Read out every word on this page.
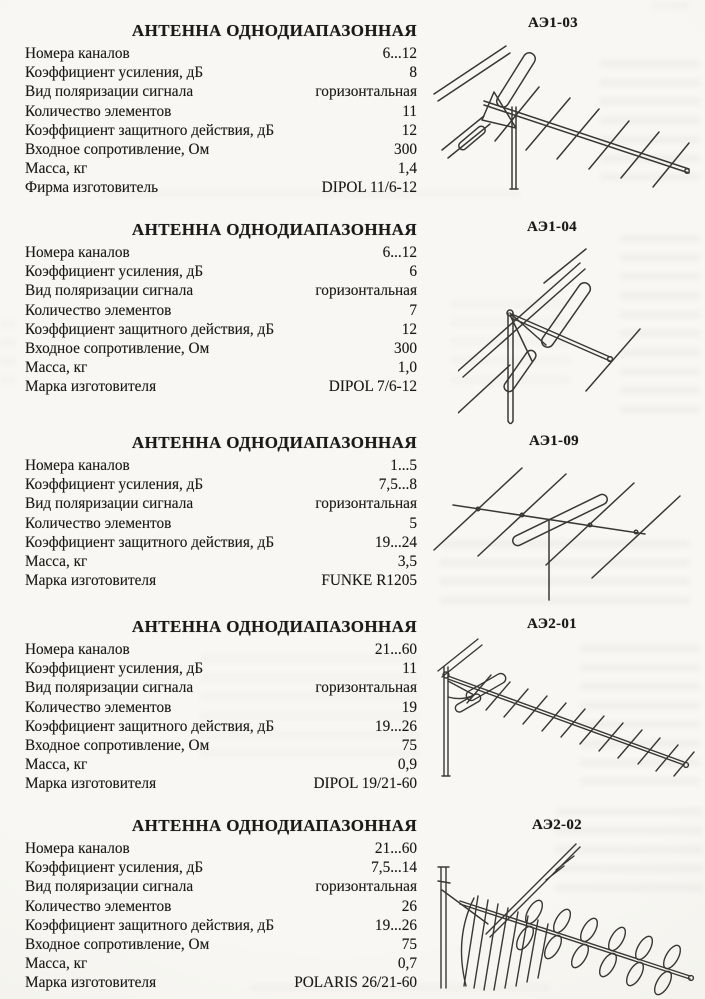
АНТЕННА ОДНОДИАПАЗОННАЯ
Номера каналов	6...12
Коэффициент усиления, дБ	8
Вид поляризации сигнала	горизонтальная
Количество элементов	11
Коэффициент защитного действия, дБ	12
Входное сопротивление, Ом	300
Масса, кг	1,4
Фирма изготовитель	DIPOL 11/6-12
АЭ1-03
АНТЕННА ОДНОДИАПАЗОННАЯ
Номера каналов	6...12
Коэффициент усиления, дБ	6
Вид поляризации сигнала	горизонтальная
Количество элементов	7
Коэффициент защитного действия, дБ	12
Входное сопротивление, Ом	300
Масса, кг	1,0
Марка изготовителя	DIPOL 7/6-12
АЭ1-04
АНТЕННА ОДНОДИАПАЗОННАЯ
Номера каналов	1...5
Коэффициент усиления, дБ	7,5...8
Вид поляризации сигнала	горизонтальная
Количество элементов	5
Коэффициент защитного действия, дБ	19...24
Масса, кг	3,5
Марка изготовителя	FUNKE R1205
АЭ1-09
АНТЕННА ОДНОДИАПАЗОННАЯ
Номера каналов	21...60
Коэффициент усиления, дБ	11
Вид поляризации сигнала	горизонтальная
Количество элементов	19
Коэффициент защитного действия, дБ	19...26
Входное сопротивление, Ом	75
Масса, кг	0,9
Марка изготовителя	DIPOL 19/21-60
АЭ2-01
АНТЕННА ОДНОДИАПАЗОННАЯ
Номера каналов	21...60
Коэффициент усиления, дБ	7,5...14
Вид поляризации сигнала	горизонтальная
Количество элементов	26
Коэффициент защитного действия, дБ	19...26
Входное сопротивление, Ом	75
Масса, кг	0,7
Марка изготовителя	POLARIS 26/21-60
АЭ2-02
